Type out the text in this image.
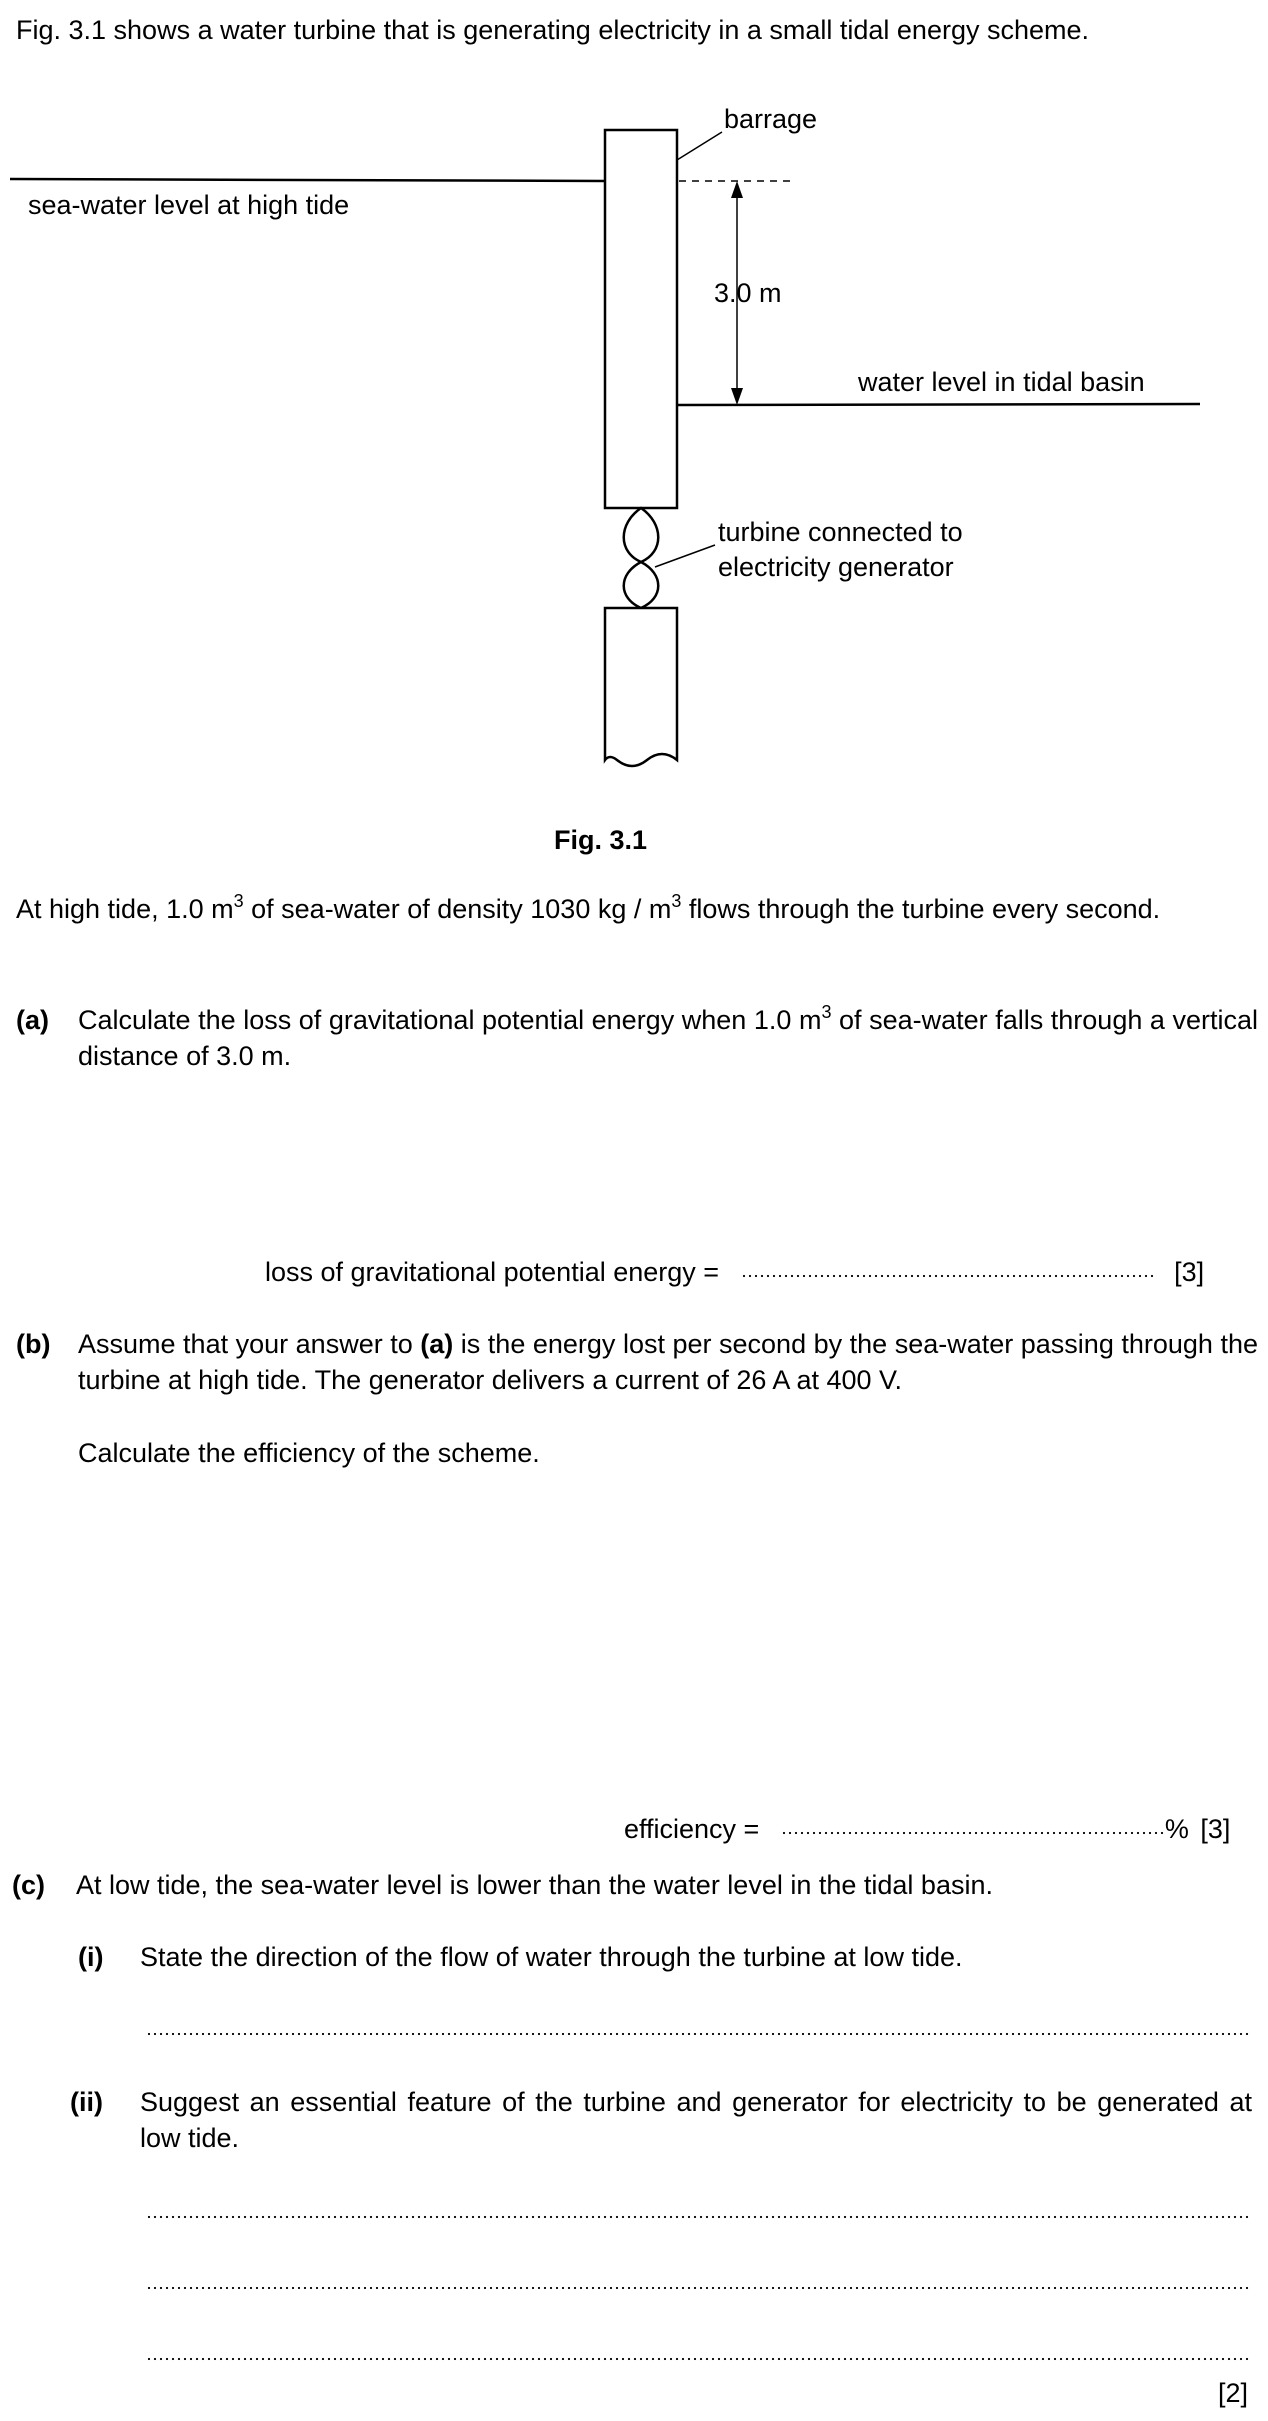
Fig. 3.1 shows a water turbine that is generating electricity in a small tidal energy scheme.
barrage
sea-water level at high tide
3.0 m
water level in tidal basin
turbine connected to
electricity generator
Fig. 3.1
At high tide, 1.0 $m^3$ of sea-water of density 1030 kg / $m^3$ flows through the turbine every second.
(a) Calculate the loss of gravitational potential energy when 1.0 $m^3$ of sea-water falls through a vertical distance of 3.0 m.
loss of gravitational potential energy =	[3]
(b) Assume that your answer to (a) is the energy lost per second by the sea-water passing through the turbine at high tide. The generator delivers a current of 26 A at 400 V.
Calculate the efficiency of the scheme.
efficiency =	% [3]
(c) At low tide, the sea-water level is lower than the water level in the tidal basin.
(i) State the direction of the flow of water through the turbine at low tide.
(ii) Suggest an essential feature of the turbine and generator for electricity to be generated at low tide.
[2]
